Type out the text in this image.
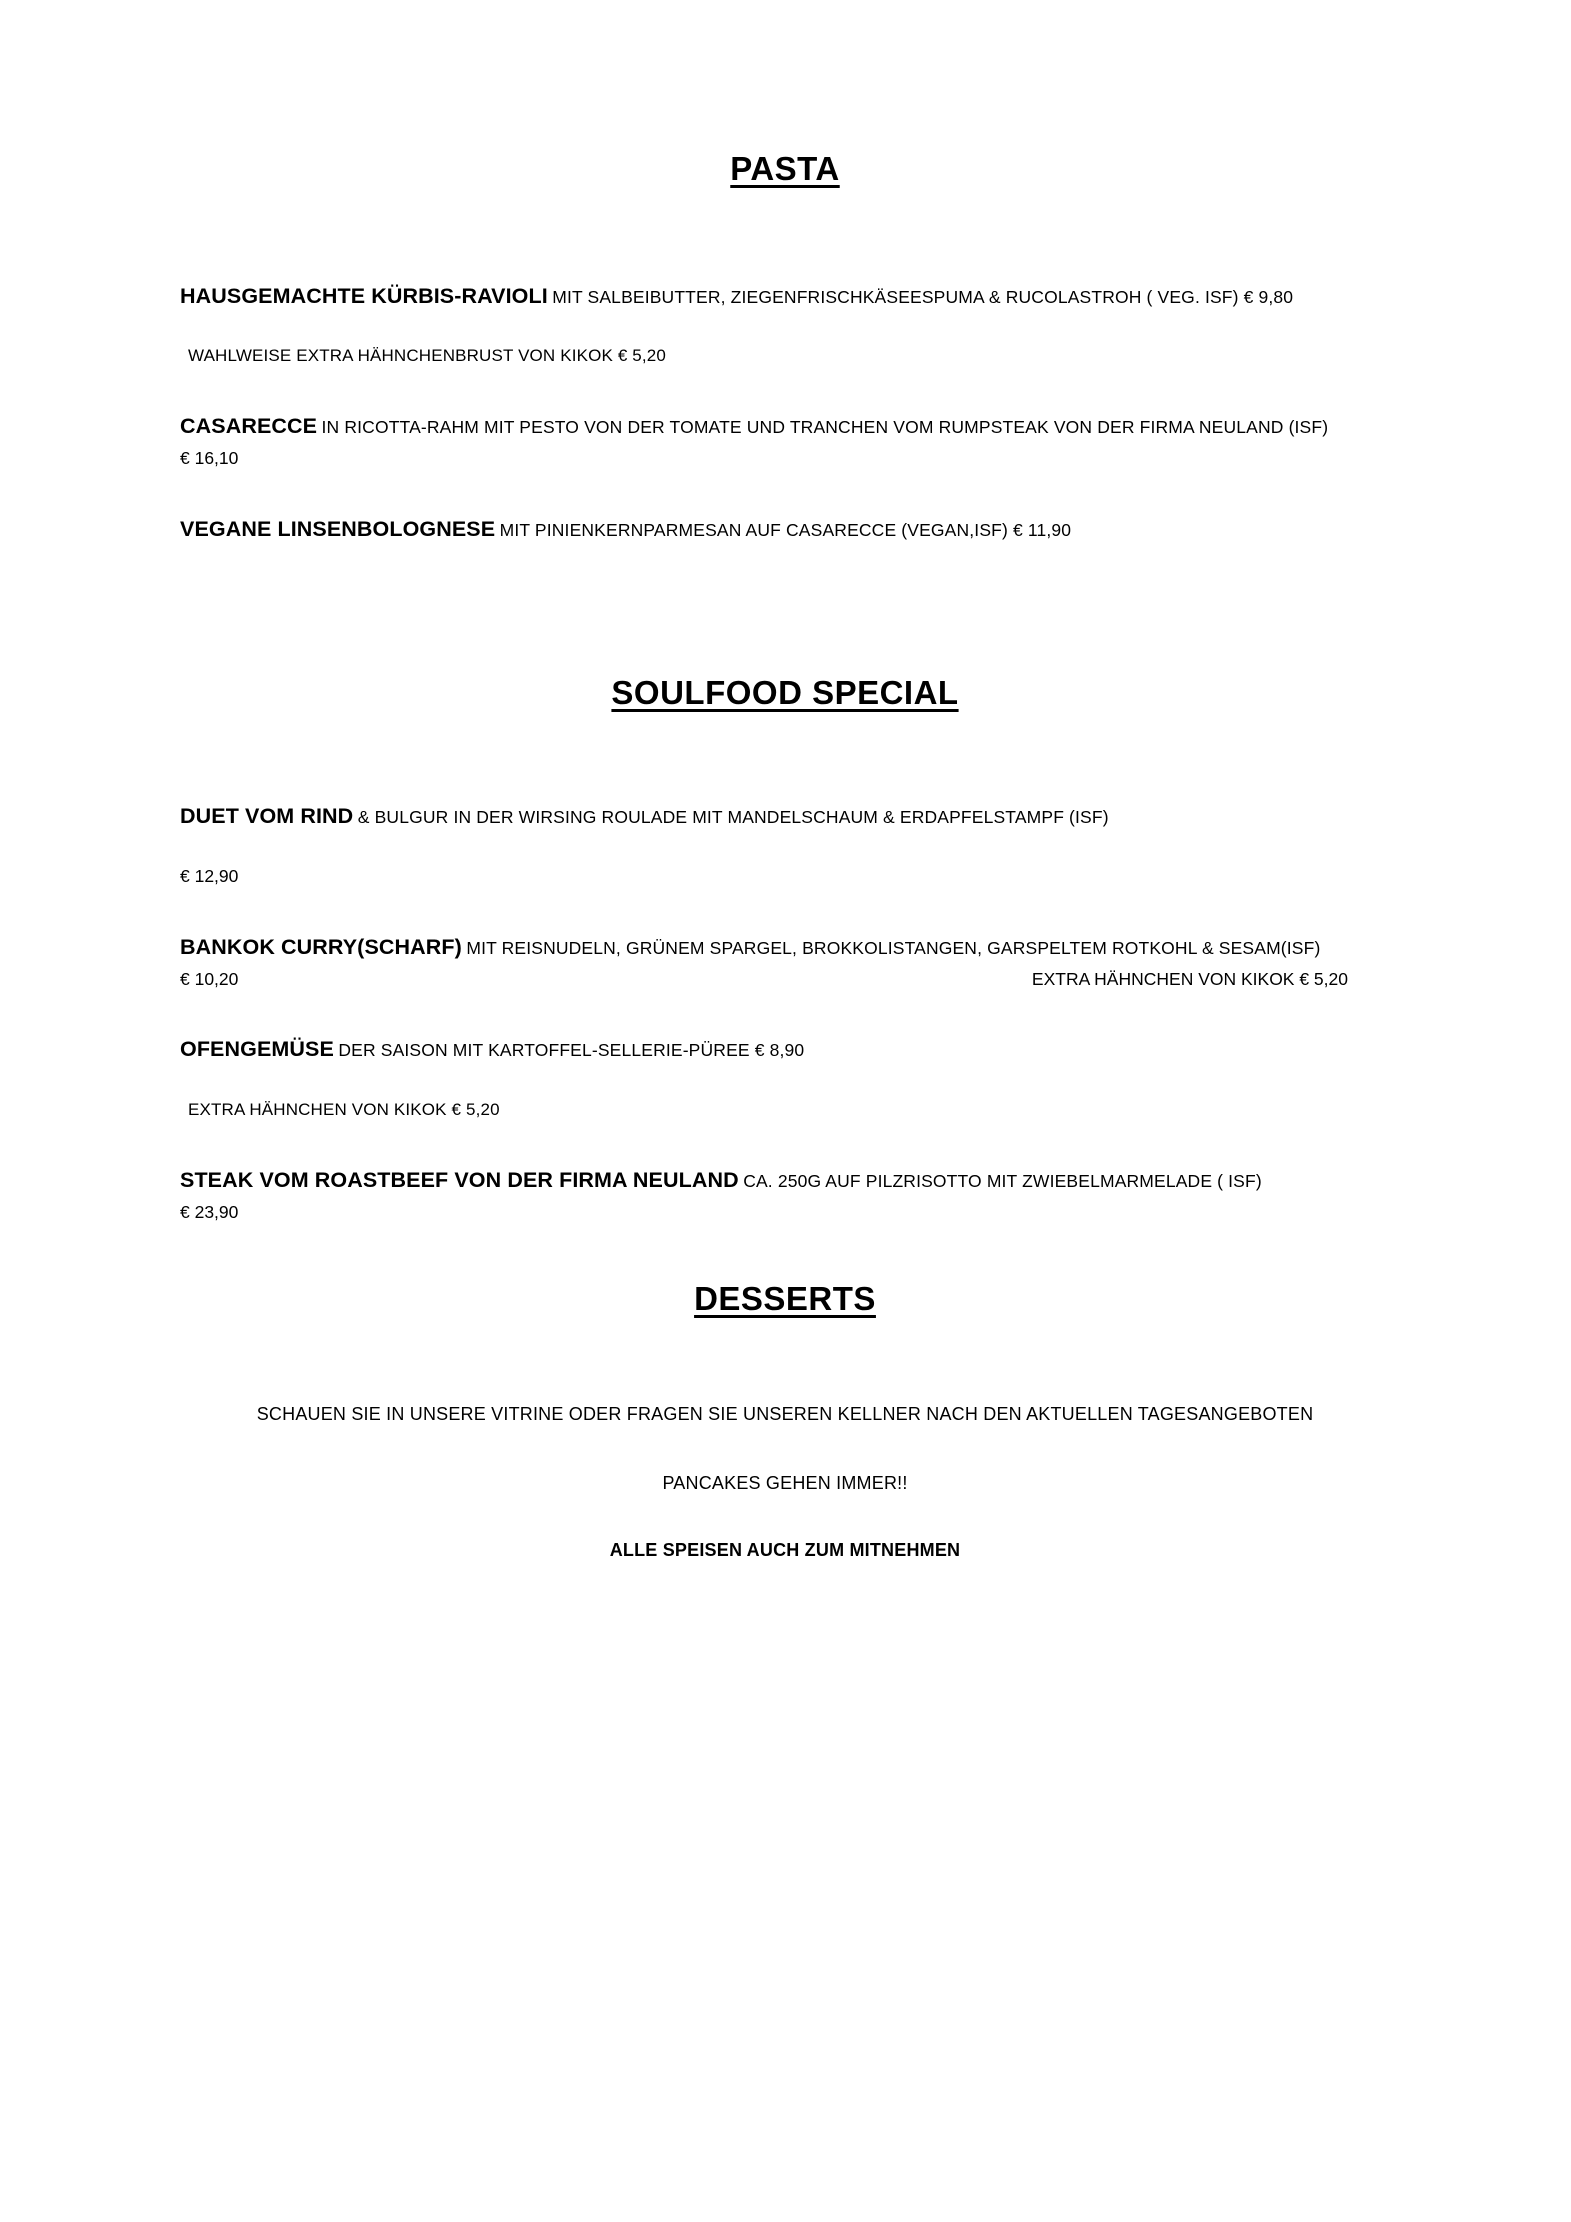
PASTA
HAUSGEMACHTE KÜRBIS-RAVIOLI MIT SALBEIBUTTER, ZIEGENFRISCHKÄSEESPUMA & RUCOLASTROH ( VEG. ISF) € 9,80
WAHLWEISE EXTRA HÄHNCHENBRUST VON KIKOK € 5,20
CASARECCE IN RICOTTA-RAHM MIT PESTO VON DER TOMATE UND TRANCHEN VOM RUMPSTEAK VON DER FIRMA NEULAND (ISF)
€ 16,10
VEGANE LINSENBOLOGNESE MIT PINIENKERNPARMESAN AUF CASARECCE (VEGAN,ISF) € 11,90
SOULFOOD SPECIAL
DUET VOM RIND & BULGUR IN DER WIRSING ROULADE MIT MANDELSCHAUM & ERDAPFELSTAMPF (ISF)
€ 12,90
BANKOK CURRY(SCHARF) MIT REISNUDELN, GRÜNEM SPARGEL, BROKKOLISTANGEN, GARSPELTEM ROTKOHL & SESAM(ISF)
€ 10,20	EXTRA HÄHNCHEN VON KIKOK € 5,20
OFENGEMÜSE DER SAISON MIT KARTOFFEL-SELLERIE-PÜREE € 8,90
EXTRA HÄHNCHEN VON KIKOK € 5,20
STEAK VOM ROASTBEEF VON DER FIRMA NEULAND CA. 250G AUF PILZRISOTTO MIT ZWIEBELMARMELADE ( ISF)
€ 23,90
DESSERTS
SCHAUEN SIE IN UNSERE VITRINE ODER FRAGEN SIE UNSEREN KELLNER NACH DEN AKTUELLEN TAGESANGEBOTEN
PANCAKES GEHEN IMMER!!
ALLE SPEISEN AUCH ZUM MITNEHMEN
